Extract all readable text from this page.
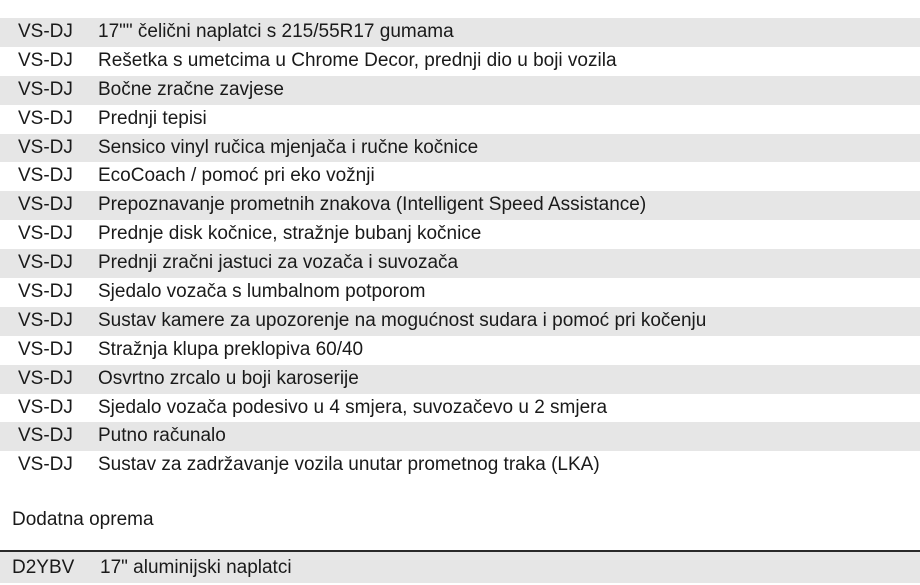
VS-DJ	17"" čelični naplatci s 215/55R17 gumama
VS-DJ	Rešetka s umetcima u Chrome Decor, prednji dio u boji vozila
VS-DJ	Bočne zračne zavjese
VS-DJ	Prednji tepisi
VS-DJ	Sensico vinyl ručica mjenjača i ručne kočnice
VS-DJ	EcoCoach / pomoć pri eko vožnji
VS-DJ	Prepoznavanje prometnih znakova (Intelligent Speed Assistance)
VS-DJ	Prednje disk kočnice, stražnje bubanj kočnice
VS-DJ	Prednji zračni jastuci za vozača i suvozača
VS-DJ	Sjedalo vozača s lumbalnom potporom
VS-DJ	Sustav kamere za upozorenje na mogućnost sudara i pomoć pri kočenju
VS-DJ	Stražnja klupa preklopiva 60/40
VS-DJ	Osvrtno zrcalo u boji karoserije
VS-DJ	Sjedalo vozača podesivo u 4 smjera, suvozačevo u 2 smjera
VS-DJ	Putno računalo
VS-DJ	Sustav za zadržavanje vozila unutar prometnog traka (LKA)
Dodatna oprema
D2YBV	17" aluminijski naplatci
